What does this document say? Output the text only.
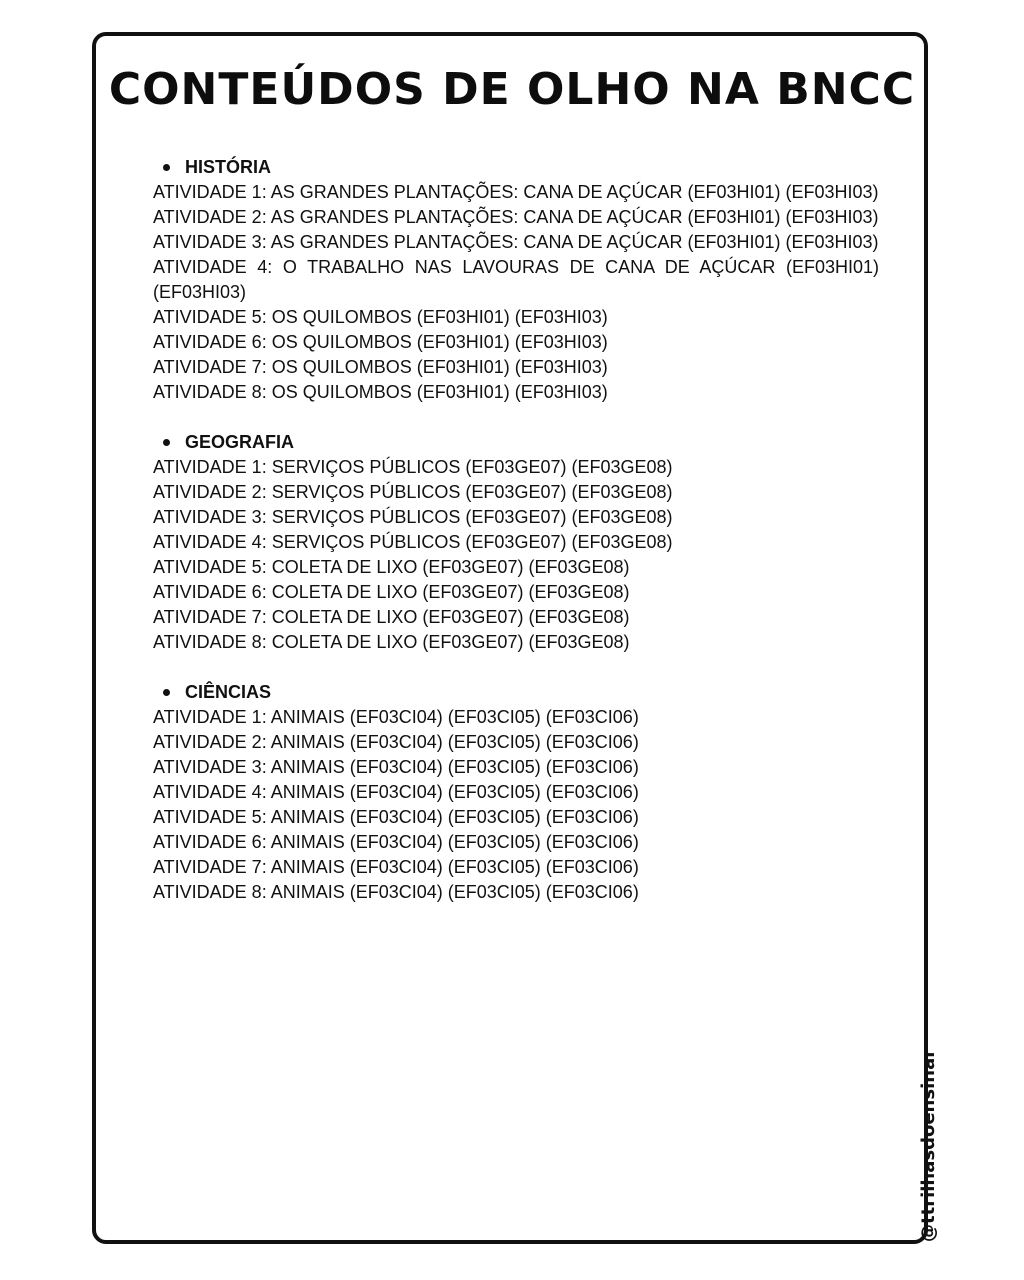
CONTEÚDOS DE OLHO NA BNCC
HISTÓRIA
ATIVIDADE 1: AS GRANDES PLANTAÇÕES: CANA DE AÇÚCAR (EF03HI01) (EF03HI03)
ATIVIDADE 2: AS GRANDES PLANTAÇÕES: CANA DE AÇÚCAR (EF03HI01) (EF03HI03)
ATIVIDADE 3: AS GRANDES PLANTAÇÕES: CANA DE AÇÚCAR (EF03HI01) (EF03HI03)
ATIVIDADE 4: O TRABALHO NAS LAVOURAS DE CANA DE AÇÚCAR (EF03HI01) (EF03HI03)
ATIVIDADE 5: OS QUILOMBOS (EF03HI01) (EF03HI03)
ATIVIDADE 6: OS QUILOMBOS (EF03HI01) (EF03HI03)
ATIVIDADE 7: OS QUILOMBOS (EF03HI01) (EF03HI03)
ATIVIDADE 8: OS QUILOMBOS (EF03HI01) (EF03HI03)
GEOGRAFIA
ATIVIDADE 1: SERVIÇOS PÚBLICOS (EF03GE07) (EF03GE08)
ATIVIDADE 2: SERVIÇOS PÚBLICOS (EF03GE07) (EF03GE08)
ATIVIDADE 3: SERVIÇOS PÚBLICOS (EF03GE07) (EF03GE08)
ATIVIDADE 4: SERVIÇOS PÚBLICOS (EF03GE07) (EF03GE08)
ATIVIDADE 5: COLETA DE LIXO (EF03GE07) (EF03GE08)
ATIVIDADE 6: COLETA DE LIXO (EF03GE07) (EF03GE08)
ATIVIDADE 7: COLETA DE LIXO (EF03GE07) (EF03GE08)
ATIVIDADE 8: COLETA DE LIXO (EF03GE07) (EF03GE08)
CIÊNCIAS
ATIVIDADE 1: ANIMAIS (EF03CI04) (EF03CI05) (EF03CI06)
ATIVIDADE 2: ANIMAIS (EF03CI04) (EF03CI05) (EF03CI06)
ATIVIDADE 3: ANIMAIS (EF03CI04) (EF03CI05) (EF03CI06)
ATIVIDADE 4: ANIMAIS (EF03CI04) (EF03CI05) (EF03CI06)
ATIVIDADE 5: ANIMAIS (EF03CI04) (EF03CI05) (EF03CI06)
ATIVIDADE 6: ANIMAIS (EF03CI04) (EF03CI05) (EF03CI06)
ATIVIDADE 7: ANIMAIS (EF03CI04) (EF03CI05) (EF03CI06)
ATIVIDADE 8: ANIMAIS (EF03CI04) (EF03CI05) (EF03CI06)
@ttrilhasdoensinar
